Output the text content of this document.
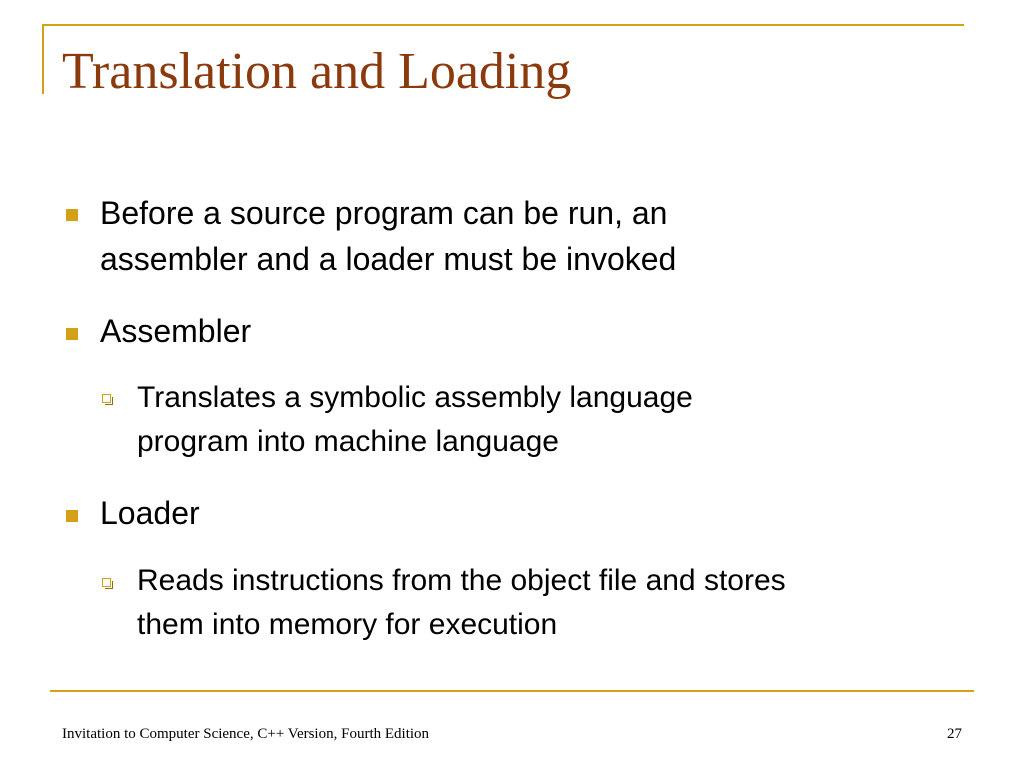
Translation and Loading
Before a source program can be run, an
assembler and a loader must be invoked
Assembler
Translates a symbolic assembly language
program into machine language
Loader
Reads instructions from the object file and stores
them into memory for execution
Invitation to Computer Science, C++ Version, Fourth Edition	27
